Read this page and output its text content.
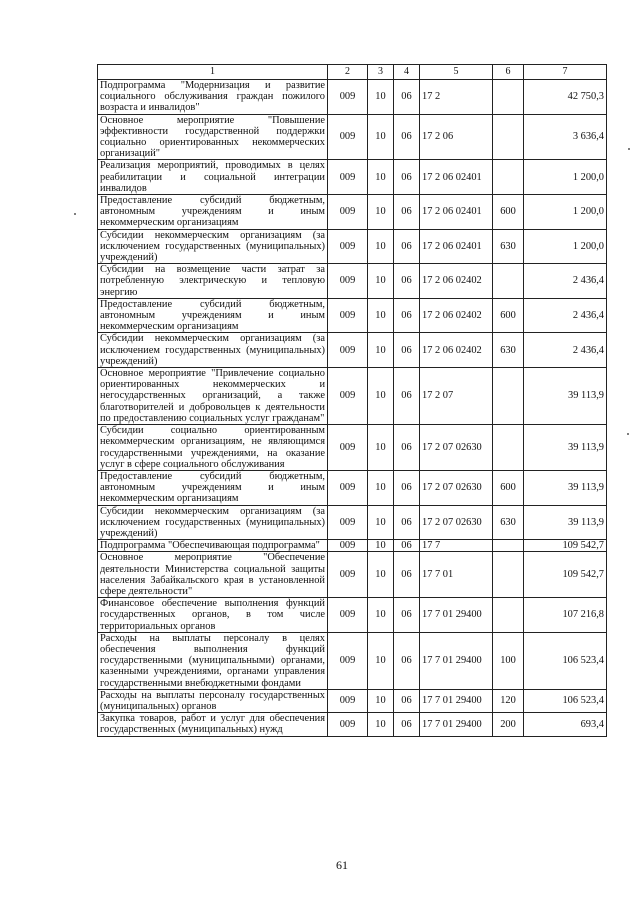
1	2	3	4	5	6	7
Подпрограмма "Модернизация и развитие социального обслуживания граждан пожилого возраста и инвалидов"	009	10	06	17 2		42 750,3
Основное мероприятие "Повышение эффективности государственной поддержки социально ориентированных некоммерческих организаций"	009	10	06	17 2 06		3 636,4
Реализация мероприятий, проводимых в целях реабилитации и социальной интеграции инвалидов	009	10	06	17 2 06 02401		1 200,0
Предоставление субсидий бюджетным, автономным учреждениям и иным некоммерческим организациям	009	10	06	17 2 06 02401	600	1 200,0
Субсидии некоммерческим организациям (за исключением государственных (муниципальных) учреждений)	009	10	06	17 2 06 02401	630	1 200,0
Субсидии на возмещение части затрат за потребленную электрическую и тепловую энергию	009	10	06	17 2 06 02402		2 436,4
Предоставление субсидий бюджетным, автономным учреждениям и иным некоммерческим организациям	009	10	06	17 2 06 02402	600	2 436,4
Субсидии некоммерческим организациям (за исключением государственных (муниципальных) учреждений)	009	10	06	17 2 06 02402	630	2 436,4
Основное мероприятие "Привлечение социально ориентированных некоммерческих и негосударственных организаций, а также благотворителей и добровольцев к деятельности по предоставлению социальных услуг гражданам"	009	10	06	17 2 07		39 113,9
Субсидии социально ориентированным некоммерческим организациям, не являющимся государственными учреждениями, на оказание услуг в сфере социального обслуживания	009	10	06	17 2 07 02630		39 113,9
Предоставление субсидий бюджетным, автономным учреждениям и иным некоммерческим организациям	009	10	06	17 2 07 02630	600	39 113,9
Субсидии некоммерческим организациям (за исключением государственных (муниципальных) учреждений)	009	10	06	17 2 07 02630	630	39 113,9
Подпрограмма "Обеспечивающая подпрограмма"	009	10	06	17 7		109 542,7
Основное мероприятие "Обеспечение деятельности Министерства социальной защиты населения Забайкальского края в установленной сфере деятельности"	009	10	06	17 7 01		109 542,7
Финансовое обеспечение выполнения функций государственных органов, в том числе территориальных органов	009	10	06	17 7 01 29400		107 216,8
Расходы на выплаты персоналу в целях обеспечения выполнения функций государственными (муниципальными) органами, казенными учреждениями, органами управления государственными внебюджетными фондами	009	10	06	17 7 01 29400	100	106 523,4
Расходы на выплаты персоналу государственных (муниципальных) органов	009	10	06	17 7 01 29400	120	106 523,4
Закупка товаров, работ и услуг для обеспечения государственных (муниципальных) нужд	009	10	06	17 7 01 29400	200	693,4
61
